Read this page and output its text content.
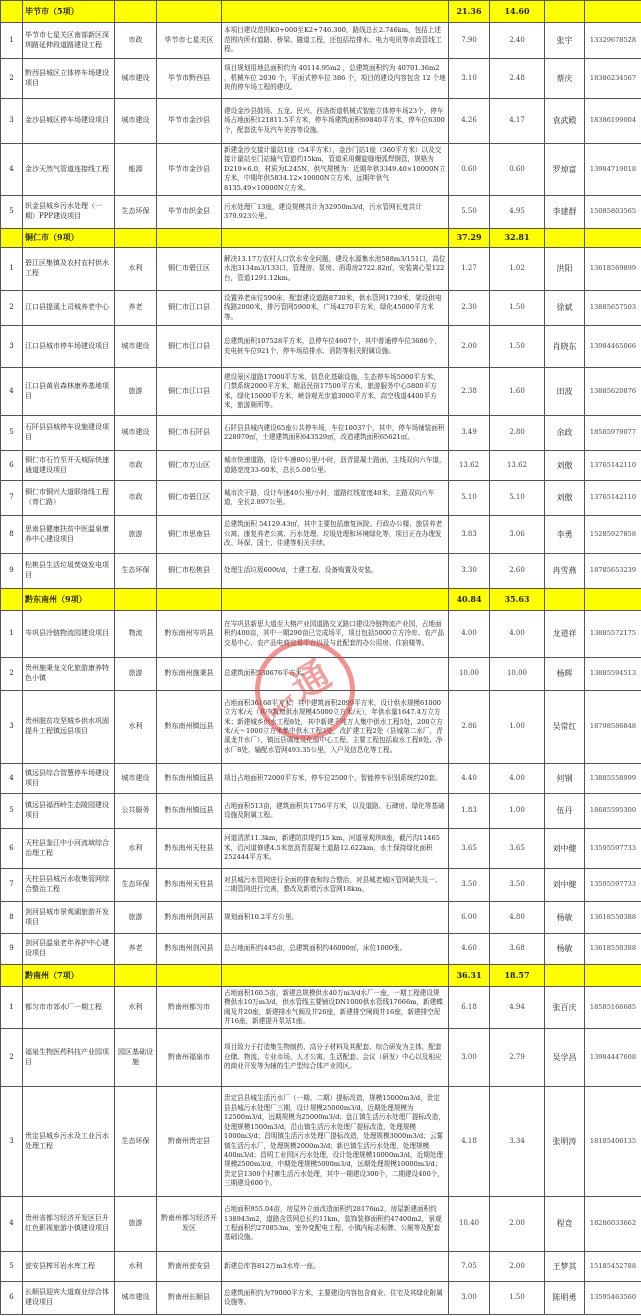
	毕节市（5项）				21.36	14.60		
1	毕节市七星关区南部新区深圳路延伸段道路建设工程	市政	毕节市七星关区	本项目建设范围K0+000至K2+746.300，路线总长2.746km，包括上述范围内所有道路、桥梁、隧道工程，还包括给排水、电力电讯等市政管线工程。	7.90	2.40	张宇	13329678528
2	黔西县城区立体停车场建设项目	城市建设	毕节市黔西县	项目规划用地总面积约为 40114.95m2 ，总建筑面积约为 40701.36m2 ，机械车位 2030 个，平面式停车位 386 个，项目的建设内容包含 12 个地块的停车场工程的建设。	3.10	2.48	蔡庆	18386234567
3	金沙县城区停车场建设项目	城市建设	毕节市金沙县	建设金沙县鼓场、五龙、民兴、西洛街道机械式智能立体停车场23个，停车场占地面积121811.5平方米，停车场建筑面积69840平方米，停车位6300个，配套洗车及汽车美容等设施。	4.26	4.17	袁武殿	18386199004
4	金沙天然气管道连接线工程	能源	毕节市金沙县	新建金沙交接计量站1座（54平方米），金沙门站1座（360平方米）以及交接计量站至门站输气管道约15km，管道采用螺旋缝埋弧焊钢管，规格为D219×6.0，材质为L245N，供气规模为：近期年供3349.40×10000N立方米，中期年供5834.12×10000N立方米，远期年供气8135.49×10000N立方米。	0.60	0.60	罗焯富	13984719018
5	织金县城乡污水处理（一期）PPP建设项目	生态环保	毕节市织金县	污水处理厂13座，建设规模共计为32950m3/d，污水管网长度共计379.923公里。	5.50	4.95	李建群	15085803565
	铜仁市（9项）				37.29	32.81		
1	碧江区集镇及农村农村供水工程	水利	铜仁市碧江区	解决13.17万农村人口饮水安全问题，建设水源集水池588m3/151口，高位水池3134m3/133口，管理房、泵房、消毒房2722.82㎡，安装离心泵122台，管道1291.12km。	1.27	1.02	洪阳	13618569899
2	江口县提溪土司城养老中心	养老	铜仁市江口县	设置养老床位590床，配套建设道路8730米，供水管网1739米，架设供电线路2000米，排污管网5900米，广场4270平方米，绿化45000平方米等。	2.30	1.50	徐斌	13885657503
3	江口县城市停车场建设项目	城市建设	铜仁市江口县	总建筑面积107528平方米，总停车位4607个，其中普通停车位3686个，充电桩车位921个，停车场给排水、消防等相关附属设施。	2.00	1.50	肖晓东	13984465066
4	江口县黄岩森林康养基地项目	旅游	铜仁市江口县	建设景区道路17000平方米，信息化基础设施，生态停车场5000平方米，门禁系统2000平方米，精品民宿17500平方米，旅游服务中心5800平方米，绿化15000平方米，峡谷观光步道3000平方米，高空栈道4400平方米，旅游厕所等。	2.38	1.60	田波	13885620876
5	石阡县县城停车设施建设项目	城市建设	铜仁市石阡县	石阡县县城内建设65座公共停车场，车位10037个，其中，停车场铺装面积228979㎡，土建建筑面积643529㎡，改造建筑面积65621㎡。	3.49	2.80	余政	18585979077
6	铜仁市石竹至开天城际快速通道建设项目	市政	铜仁市万山区	城市快速道路，设计车速80公里/小时，沥青混凝土路面，主线双向六车道，道路宽度33-60米，总长5.08公里。	13.62	13.62	刘傲	13765142110
7	铜仁市铜兴大道联络线工程（育仁路）	市政	铜仁市碧江区	城市次干路，设计车速40公里/小时，道路红线宽度40米，主路双向六车道，全长2.897公里。	5.10	5.10	刘傲	13765142110
8	思南县健康扶贫中医温泉康养中心建设项目	旅游	铜仁市思南县	总建筑面积 54129.43㎡，其中主要包括康复医院、行政办公楼、旅居养老公寓、康复养老公寓、污水处理、垃圾处理和环境绿化等，项目正在办理发改、环保、国土、住建等相关手续。	3.83	3.06	李勇	15285927858
9	松桃县生活垃圾焚烧发电项目	生态环保	铜仁市松桃县	处理生活垃圾600t/d，土建工程、设备购置及安装。	3.30	2.60	冉雪燕	18785653239
	黔东南州（9项）				40.84	35.63		
1	岑巩县冷链物流园建设项目	物流	黔东南州岑巩县	在岑巩县新思大道至大榕产业园道路交叉路口建设冷链物流产业园，占地面积约400亩，其中一期290亩已完成场平，项目包括5000立方冷库、农产品交易中心、农产品电商交易平台以及与此配套的办公用房、住宿楼等。	4.00	4.00	龙道祥	13885572175
2	贵州施秉龙文化旅游康养特色小镇	旅游	黔东南州施秉县	总建筑面积530676平方米。	10.00	10.00	杨辉	13885594513
3	贵州脱贫攻坚城乡供水巩固提升工程镇远县项目	水利	黔东南州镇远县	占地面积36168平方米，其中建筑面积2099平方米，设计供水规模61000立方米/天（其中新增供水规模45000立方米/天），年供水量1647.4万立方米；新建城乡供水工程8处，其中新建千吨万人集中供水工程5处，200立方米/天～1000立方米集中供水工程3处，改扩建工程2处（县城第二水厂，青溪龙井水厂），镇远县调度及化验中心工程，主要工程包括取水工程8处、净水厂8处、输配水管网493.35公里，入户及信息化等工程。	2.86	1.00	吴常红	18798586848
4	镇远县综合智慧停车场建设项目	城市建设	黔东南州镇远县	项目占地面积72000平方米，停车位2500个，智能停车识别系统约20套。	4.40	4.00	何钢	13885558999
5	镇远县福西岭生态陵园建设项目	公共服务	黔东南州镇远县	占地面积513亩，建筑面积共1756平方米，以及道路、石碑房、绿化等基础设施及附属工程。	1.83	1.00	伍丹	18685595300
6	天柱县鉴江中小河流域综合治理工程	水利	黔东南州天柱县	河道清淤11.3km，新建防洪堤约15 km，河道景观坝8座，截污沟11465米，沿河道修建4.5米宽沥青混凝土道路12.622km，水土保持绿化面积252444平方米。	3.65	3.65	刘中健	13595597733
7	天柱县县城污水收集管网综合整治工程	生态环保	黔东南州天柱县	对县城污水管网进行全面的排查和综合整治，对县城老城区管网缺失及一、二期管网进行完善，整改及新增污水管网18km。	3.50	3.50	刘中健	13595597733
8	剑河县城市景观湖旅游开发项目	旅游	黔东南州剑河县	规划面积10.2平方公里。	6.00	4.80	杨敏	13618550388
9	剑河县温泉老年养护中心建设项目	养老	黔东南州剑河县	总占地面积约445亩，总建筑面积约46000㎡，床位1000张。	4.60	3.68	杨敏	13618550388
	黔南州（7项）				36.31	18.57		
1	都匀市市郊水厂一期工程	水利	黔南州都匀市	占地面积160.5亩，新建总规模供水40万m3/d水厂一座，一期工程建设规模供水10万m3/d，供水管线主要铺设DN1000供水管线17666m，新建蝶阀及井20座，新建排水气阀及井26座，新建排空闸阀井16座，新建排空泥井16座，新建提升泵站1座。	6.18	4.94	张百庆	18585166685
2	福泉生物医药科技产业园项目	园区基础设施	黔南州福泉市	项目致力于打造集生物制药、高分子材料及其配套、综合研发为主体，配套仓储、物流、专业市场、人才公寓、生活配套、会议（研发）中心以及相应的商业开发等为辅的生产型综合体产业园区。	3.00	2.79	吴学昌	13984447608
3	贵定县城乡污水及工业污水处理工程	生态环保	黔南州贵定县	贵定县县城生活污水厂（一期、二期）提标改造，规模15000m3/d，贵定县县城污水处理厂三期，设计规模25000m3/d，近期处理规模为12500m3/d，远期规模为25000m3/d；盘江镇生活污水处理厂提标改造，处理规模1500m3/d，沿山镇生活污水处理厂提标改造，处理规模1000m3/d；昌明镇生活污水处理厂提标改造，处理规模3000m3/d；云雾镇生活污水厂，处理规模2000m3/d；新巴镇生活污水处理，处理规模400m3/d；昌明工业园区污水处理，设计处理规模10000m3/d，近期处理规模2500m3/d，中期处理规模5000m3/d，远期处理规模10000m3/d；贵定县1300个村寨生活污水处理，其中一期建设300个，二期建设400个，三期建设600个。	4.18	3.34	张明涛	18185406135
4	贵州省都匀经济开发区巨升红色影视旅游小镇建设项目	旅游	黔南州都匀经济开发区	占地面积955.04亩，房屋外立面改造面积约28176m2，房屋新建面积约138943m2，道路含管网总长约11km，装饰装修面积约47400m2，景观工程面积约270853m，室外变配电工程、小镇内标志标牌、公厕等及配套基础设施。	10.40	2.00	程竞	18286033662
5	瓮安县榨耳岩水库工程	水利	黔南州瓮安县	新建总库容812万m3水库一座。	7.05	2.00	王梦其	15185452788
6	长顺县迎宾大道商业综合体建设项目	城市建设	黔南州长顺县	总建筑面积约为79000平方米，主要建设内容包含商业、住宅及其绿化附属设施等。	3.00	1.50	陈明勇	13595463560
通
INCT
